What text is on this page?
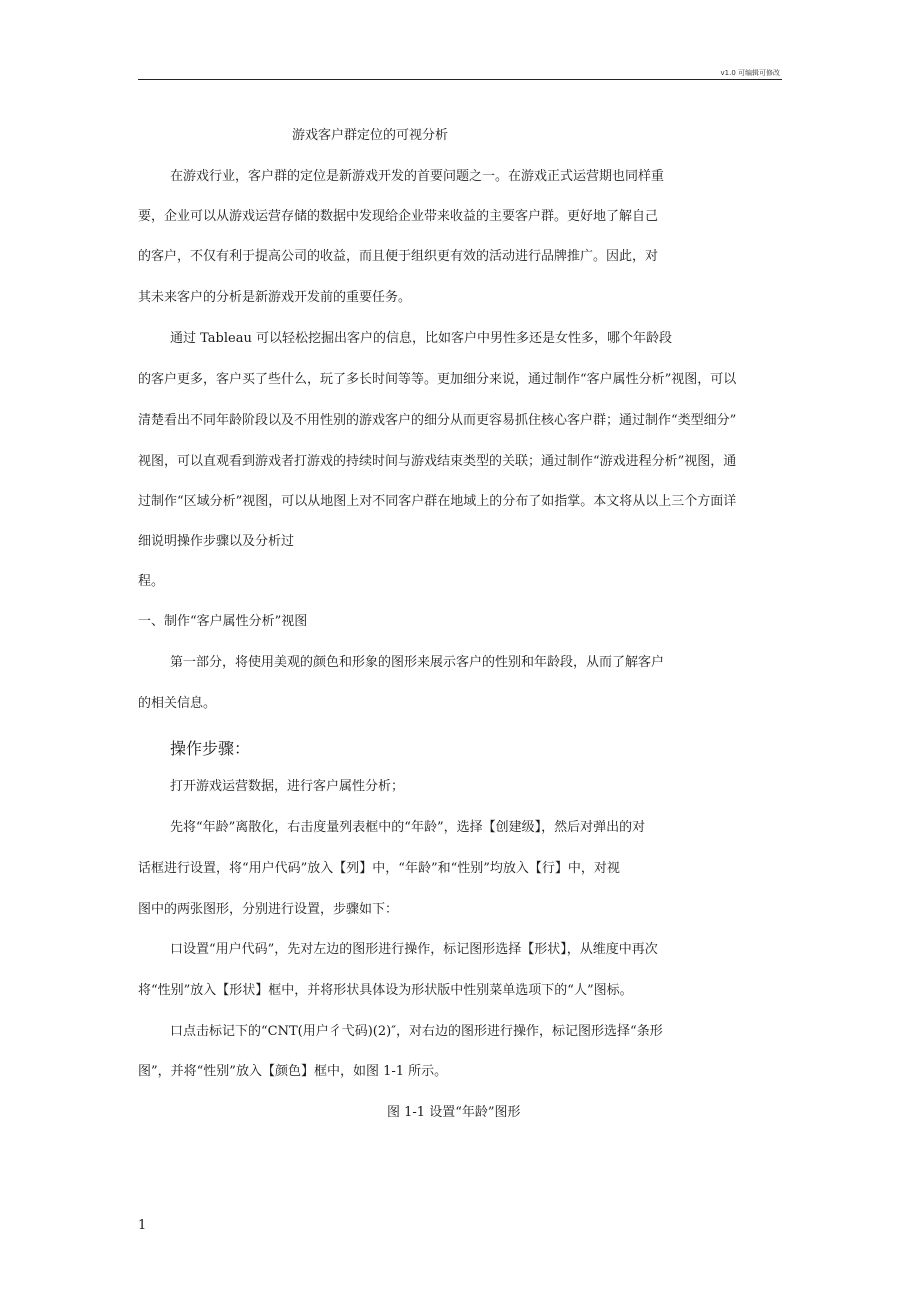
v1.0 可编辑可修改
游戏客户群定位的可视分析
在游戏行业，客户群的定位是新游戏开发的首要问题之一。在游戏正式运营期也同样重
要，企业可以从游戏运营存储的数据中发现给企业带来收益的主要客户群。更好地了解自己
的客户，不仅有利于提高公司的收益，而且便于组织更有效的活动进行品牌推广。因此，对
其未来客户的分析是新游戏开发前的重要任务。
通过 Tableau 可以轻松挖掘出客户的信息，比如客户中男性多还是女性多，哪个年龄段
的客户更多，客户买了些什么，玩了多长时间等等。更加细分来说，通过制作“客户属性分析”视图，可以
清楚看出不同年龄阶段以及不用性别的游戏客户的细分从而更容易抓住核心客户群；通过制作“类型细分”
视图，可以直观看到游戏者打游戏的持续时间与游戏结束类型的关联；通过制作“游戏进程分析”视图，通
过制作“区域分析”视图，可以从地图上对不同客户群在地域上的分布了如指掌。本文将从以上三个方面详
细说明操作步骤以及分析过
程。
一、制作“客户属性分析”视图
第一部分，将使用美观的颜色和形象的图形来展示客户的性别和年龄段，从而了解客户
的相关信息。
操作步骤：
打开游戏运营数据，进行客户属性分析；
先将“年龄”离散化，右击度量列表框中的“年龄”，选择【创建级】，然后对弹出的对
话框进行设置，将“用户代码”放入【列】中，“年龄”和“性别”均放入【行】中，对视
图中的两张图形，分别进行设置，步骤如下：
口设置“用户代码”，先对左边的图形进行操作，标记图形选择【形状】，从维度中再次
将“性别”放入【形状】框中，并将形状具体设为形状版中性别菜单选项下的“人”图标。
口点击标记下的“CNT(用户彳弋码)(2)″，对右边的图形进行操作，标记图形选择“条形
图”，并将“性别”放入【颜色】框中，如图 1-1 所示。
图 1-1 设置“年龄”图形
1
